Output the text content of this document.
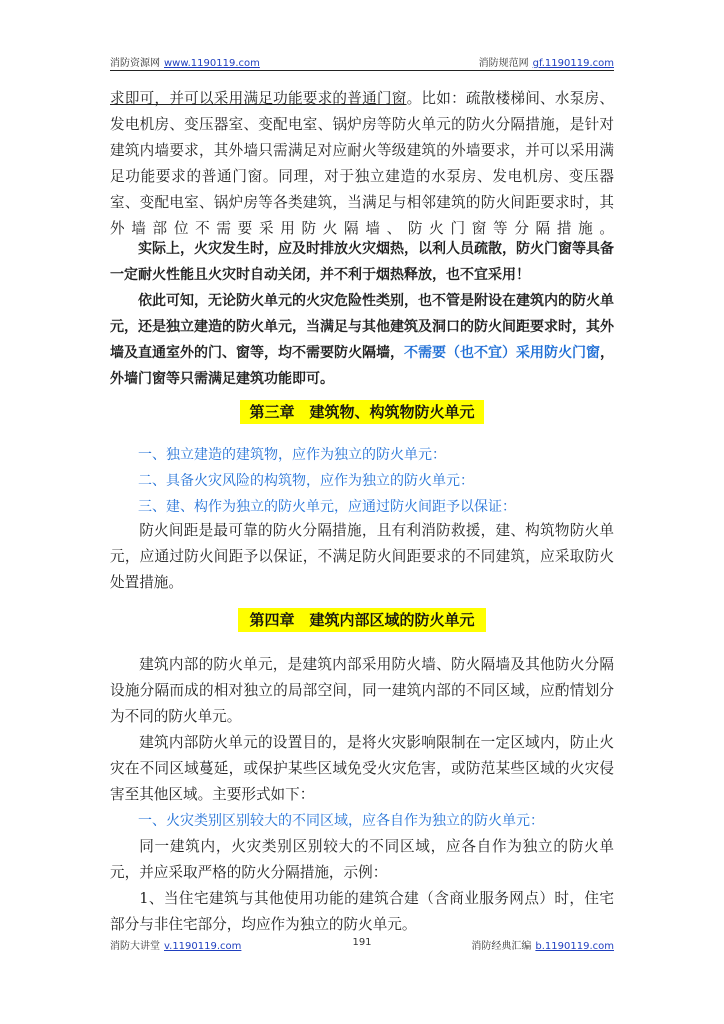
消防资源网 www.1190119.com	消防规范网 gf.1190119.com

求即可，并可以采用满足功能要求的普通门窗。比如：疏散楼梯间、水泵房、发电机房、变压器室、变配电室、锅炉房等防火单元的防火分隔措施，是针对建筑内墙要求，其外墙只需满足对应耐火等级建筑的外墙要求，并可以采用满足功能要求的普通门窗。同理，对于独立建造的水泵房、发电机房、变压器室、变配电室、锅炉房等各类建筑，当满足与相邻建筑的防火间距要求时，其外墙部位不需要采用防火隔墙、防火门窗等分隔措施。

实际上，火灾发生时，应及时排放火灾烟热，以利人员疏散，防火门窗等具备一定耐火性能且火灾时自动关闭，并不利于烟热释放，也不宜采用！

依此可知，无论防火单元的火灾危险性类别，也不管是附设在建筑内的防火单元，还是独立建造的防火单元，当满足与其他建筑及洞口的防火间距要求时，其外墙及直通室外的门、窗等，均不需要防火隔墙，不需要（也不宜）采用防火门窗，外墙门窗等只需满足建筑功能即可。

第三章　建筑物、构筑物防火单元

一、独立建造的建筑物，应作为独立的防火单元：

二、具备火灾风险的构筑物，应作为独立的防火单元：

三、建、构作为独立的防火单元，应通过防火间距予以保证：

防火间距是最可靠的防火分隔措施，且有利消防救援，建、构筑物防火单元，应通过防火间距予以保证，不满足防火间距要求的不同建筑，应采取防火处置措施。

第四章　建筑内部区域的防火单元

建筑内部的防火单元，是建筑内部采用防火墙、防火隔墙及其他防火分隔设施分隔而成的相对独立的局部空间，同一建筑内部的不同区域，应酌情划分为不同的防火单元。

建筑内部防火单元的设置目的，是将火灾影响限制在一定区域内，防止火灾在不同区域蔓延，或保护某些区域免受火灾危害，或防范某些区域的火灾侵害至其他区域。主要形式如下：

一、火灾类别区别较大的不同区域，应各自作为独立的防火单元：

同一建筑内，火灾类别区别较大的不同区域，应各自作为独立的防火单元，并应采取严格的防火分隔措施，示例：

1、当住宅建筑与其他使用功能的建筑合建（含商业服务网点）时，住宅部分与非住宅部分，均应作为独立的防火单元。

消防大讲堂 v.1190119.com	191	消防经典汇编 b.1190119.com
